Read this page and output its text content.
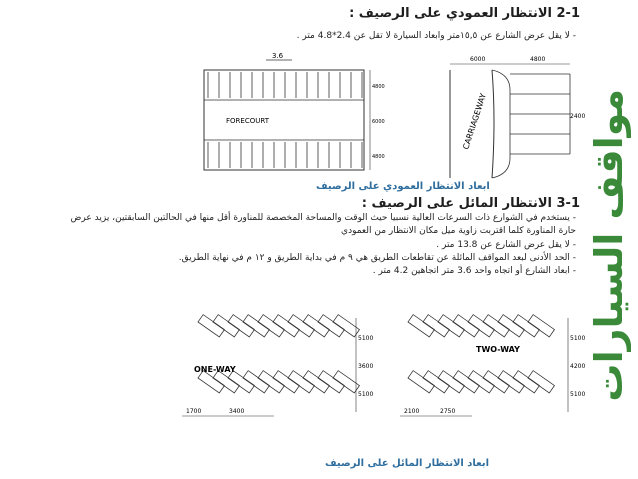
مواقف السيارات
2-1 الانتظار العمودي على الرصيف :
- لا يقل عرض الشارع عن ١٥,٥متر وابعاد السيارة لا تقل عن 2.4*4.8 متر .
3.6
FORECOURT
4800
6000
4800
6000	4800
CARRIAGEWAY	2400
ابعاد الانتظار العمودي على الرصيف
3-1 الانتظار المائل على الرصيف :
- يستخدم في الشوارع ذات السرعات العالية نسبيا حيث الوقت والمساحة المخصصة للمناورة أقل منها في الحالتين السابقتين، يزيد عرض حارة المناورة كلما اقتربت زاوية ميل مكان الانتظار من العمودي
- لا يقل عرض الشارع عن 13.8 متر .
- الحد الأدنى لبعد المواقف المائلة عن تقاطعات الطريق هي ٩ م في بداية الطريق و ١٢ م في نهاية الطريق.
- ابعاد الشارع أو اتجاه واحد 3.6 متر اتجاهين 4.2 متر .
ONE-WAY
1700	3400
5100
3600
5100
TWO-WAY
2100	2750
5100
4200
5100
ابعاد الانتظار المائل على الرصيف
